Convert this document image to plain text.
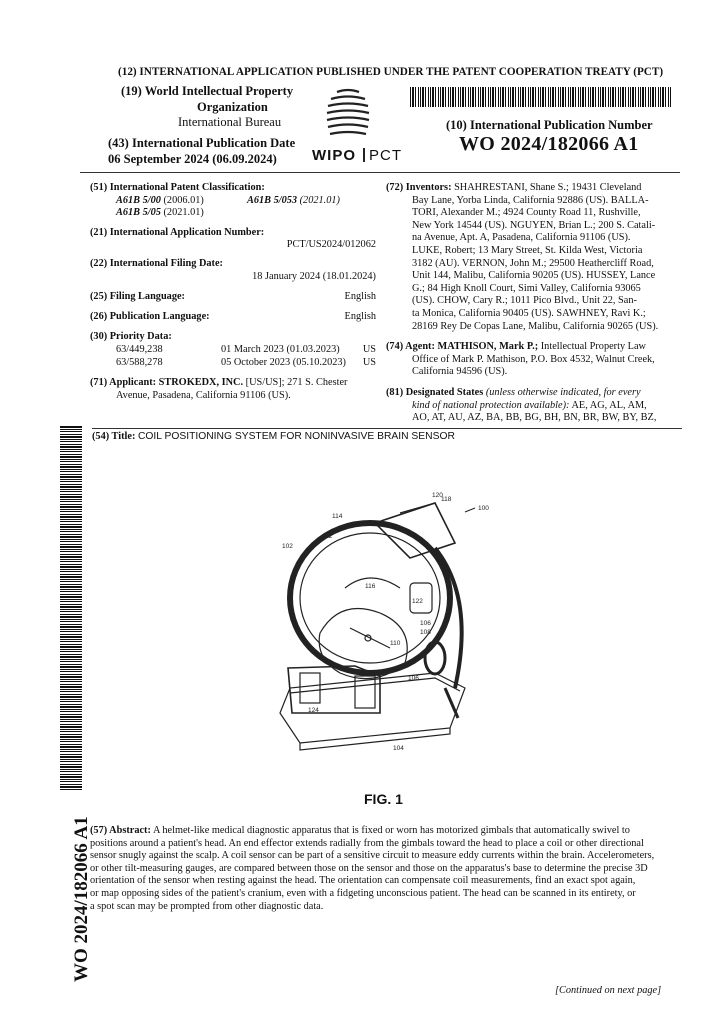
(12) INTERNATIONAL APPLICATION PUBLISHED UNDER THE PATENT COOPERATION TREATY (PCT)
(19) World Intellectual Property
Organization
International Bureau
(43) International Publication Date
06 September 2024 (06.09.2024) WIPO PCT
(10) International Publication Number
WO 2024/182066 A1
(51) International Patent Classification:
A61B 5/00 (2006.01)	A61B 5/053 (2021.01)
A61B 5/05 (2021.01)
(21) International Application Number:
PCT/US2024/012062
(22) International Filing Date:
18 January 2024 (18.01.2024)
(25) Filing Language:	English
(26) Publication Language:	English
(30) Priority Data:
63/449,238	01 March 2023 (01.03.2023)	US
63/588,278	05 October 2023 (05.10.2023)	US
(71) Applicant: STROKEDX, INC. [US/US]; 271 S. Chester
Avenue, Pasadena, California 91106 (US).
(72) Inventors: SHAHRESTANI, Shane S.; 19431 Cleveland
Bay Lane, Yorba Linda, California 92886 (US). BALLA-
TORI, Alexander M.; 4924 County Road 11, Rushville,
New York 14544 (US). NGUYEN, Brian L.; 200 S. Catali-
na Avenue, Apt. A, Pasadena, California 91106 (US).
LUKE, Robert; 13 Mary Street, St. Kilda West, Victoria
3182 (AU). VERNON, John M.; 29500 Heathercliff Road,
Unit 144, Malibu, California 90205 (US). HUSSEY, Lance
G.; 84 High Knoll Court, Simi Valley, California 93065
(US). CHOW, Cary R.; 1011 Pico Blvd., Unit 22, San-
ta Monica, California 90405 (US). SAWHNEY, Ravi K.;
28169 Rey De Copas Lane, Malibu, California 90265 (US).
(74) Agent: MATHISON, Mark P.; Intellectual Property Law
Office of Mark P. Mathison, P.O. Box 4532, Walnut Creek,
California 94596 (US).
(81) Designated States (unless otherwise indicated, for every
kind of national protection available): AE, AG, AL, AM,
AO, AT, AU, AZ, BA, BB, BG, BH, BN, BR, BW, BY, BZ,
WO 2024/182066 A1
(54) Title: COIL POSITIONING SYSTEM FOR NONINVASIVE BRAIN SENSOR
120
118
100
114
112
102
116
122
106
108
110
106
124
104
FIG. 1
(57) Abstract: A helmet-like medical diagnostic apparatus that is fixed or worn has motorized gimbals that automatically swivel to
positions around a patient's head. An end effector extends radially from the gimbals toward the head to place a coil or other directional
sensor snugly against the scalp. A coil sensor can be part of a sensitive circuit to measure eddy currents within the brain. Accelerometers,
or other tilt-measuring gauges, are compared between those on the sensor and those on the apparatus's base to determine the precise 3D
orientation of the sensor when resting against the head. The orientation can compensate coil measurements, find an exact spot again,
or map opposing sides of the patient's cranium, even with a fidgeting unconscious patient. The head can be scanned in its entirety, or
a spot scan may be prompted from other diagnostic data.
[Continued on next page]
